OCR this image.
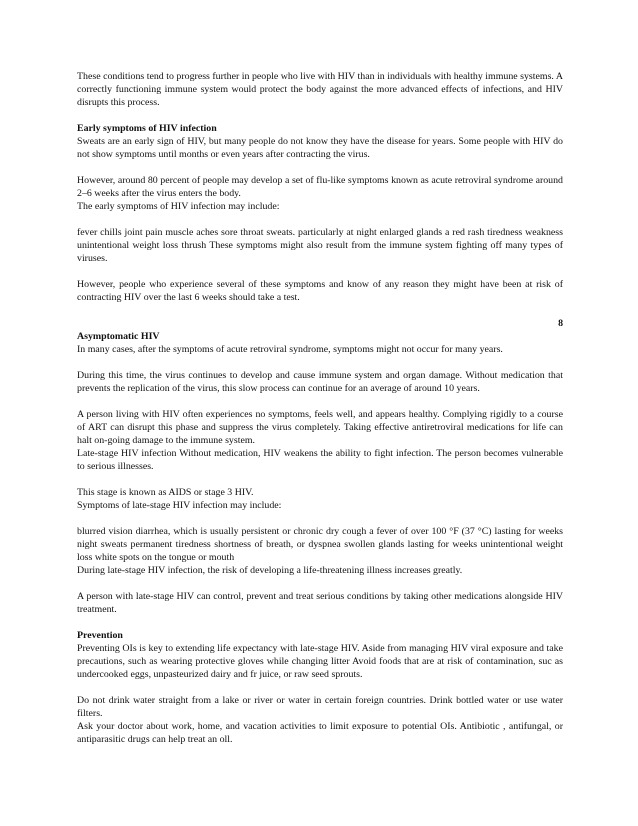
These conditions tend to progress further in people who live with HIV than in individuals with healthy immune systems. A correctly functioning immune system would protect the body against the more advanced effects of infections, and HIV disrupts this process.

Early symptoms of HIV infection

Sweats are an early sign of HIV, but many people do not know they have the disease for years. Some people with HIV do not show symptoms until months or even years after contracting the virus.

However, around 80 percent of people may develop a set of flu-like symptoms known as acute retroviral syndrome around 2–6 weeks after the virus enters the body.

The early symptoms of HIV infection may include:

fever chills joint pain muscle aches sore throat sweats. particularly at night enlarged glands a red rash tiredness weakness unintentional weight loss thrush These symptoms might also result from the immune system fighting off many types of viruses.

However, people who experience several of these symptoms and know of any reason they might have been at risk of contracting HIV over the last 6 weeks should take a test.

8

Asymptomatic HIV

In many cases, after the symptoms of acute retroviral syndrome, symptoms might not occur for many years.

During this time, the virus continues to develop and cause immune system and organ damage. Without medication that prevents the replication of the virus, this slow process can continue for an average of around 10 years.

A person living with HIV often experiences no symptoms, feels well, and appears healthy. Complying rigidly to a course of ART can disrupt this phase and suppress the virus completely. Taking effective antiretroviral medications for life can halt on-going damage to the immune system.

Late-stage HIV infection Without medication, HIV weakens the ability to fight infection. The person becomes vulnerable to serious illnesses.

This stage is known as AIDS or stage 3 HIV.

Symptoms of late-stage HIV infection may include:

blurred vision diarrhea, which is usually persistent or chronic dry cough a fever of over 100 °F (37 °C) lasting for weeks night sweats permanent tiredness shortness of breath, or dyspnea swollen glands lasting for weeks unintentional weight loss white spots on the tongue or mouth

During late-stage HIV infection, the risk of developing a life-threatening illness increases greatly.

A person with late-stage HIV can control, prevent and treat serious conditions by taking other medications alongside HIV treatment.

Prevention

Preventing OIs is key to extending life expectancy with late-stage HIV. Aside from managing HIV viral exposure and take precautions, such as wearing protective gloves while changing litter Avoid foods that are at risk of contamination, suc as undercooked eggs, unpasteurized dairy and fr juice, or raw seed sprouts.

Do not drink water straight from a lake or river or water in certain foreign countries. Drink bottled water or use water filters.

Ask your doctor about work, home, and vacation activities to limit exposure to potential OIs. Antibiotic , antifungal, or antiparasitic drugs can help treat an oll.
